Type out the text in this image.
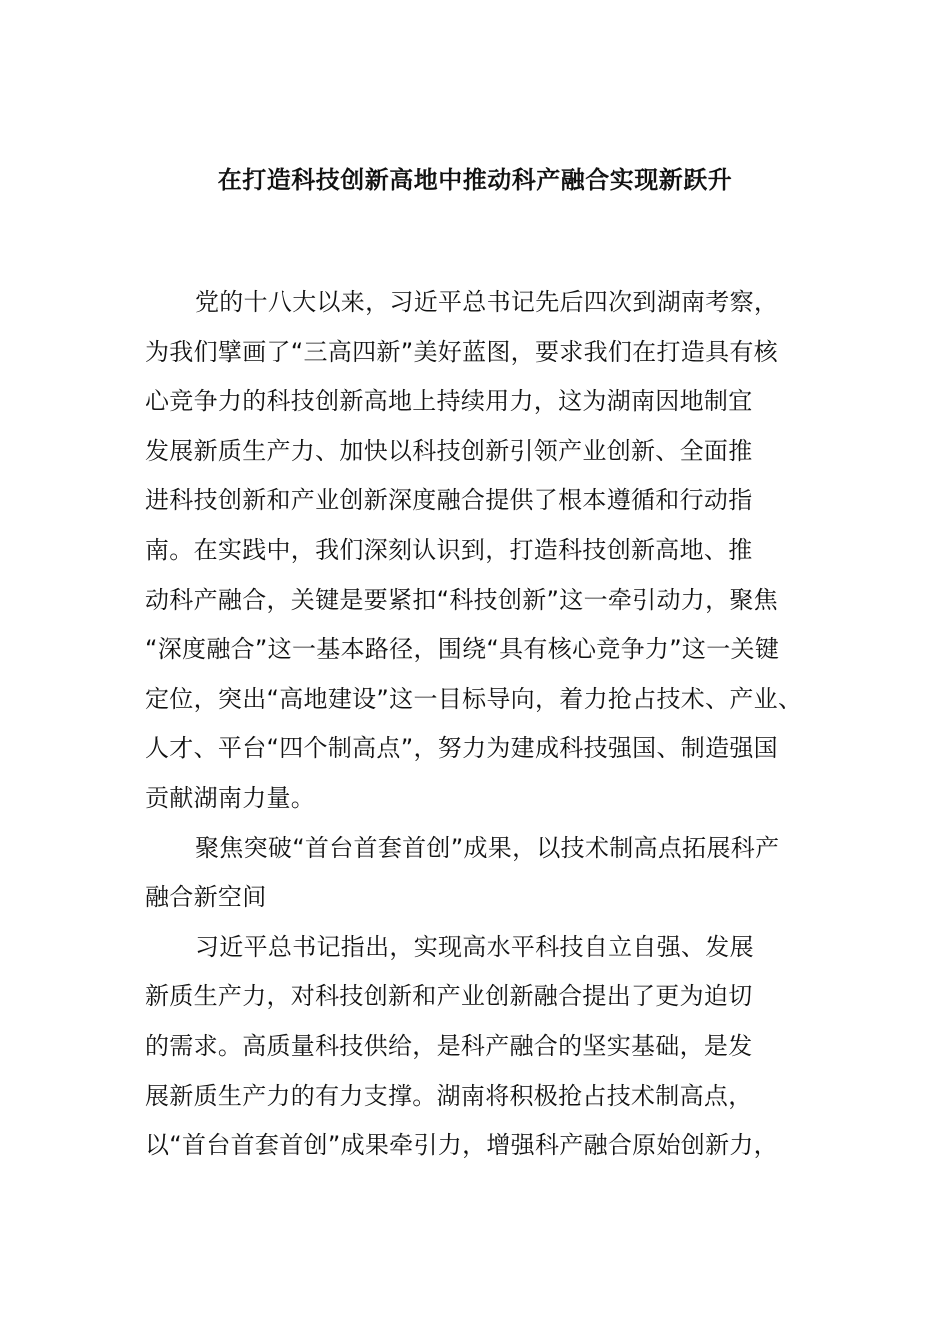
在打造科技创新高地中推动科产融合实现新跃升
党的十八大以来，习近平总书记先后四次到湖南考察，
为我们擘画了“三高四新”美好蓝图，要求我们在打造具有核
心竞争力的科技创新高地上持续用力，这为湖南因地制宜
发展新质生产力、加快以科技创新引领产业创新、全面推
进科技创新和产业创新深度融合提供了根本遵循和行动指
南。在实践中，我们深刻认识到，打造科技创新高地、推
动科产融合，关键是要紧扣“科技创新”这一牵引动力，聚焦
“深度融合”这一基本路径，围绕“具有核心竞争力”这一关键
定位，突出“高地建设”这一目标导向，着力抢占技术、产业、
人才、平台“四个制高点”，努力为建成科技强国、制造强国
贡献湖南力量。
聚焦突破“首台首套首创”成果，以技术制高点拓展科产
融合新空间
习近平总书记指出，实现高水平科技自立自强、发展
新质生产力，对科技创新和产业创新融合提出了更为迫切
的需求。高质量科技供给，是科产融合的坚实基础，是发
展新质生产力的有力支撑。湖南将积极抢占技术制高点，
以“首台首套首创”成果牵引力，增强科产融合原始创新力，
